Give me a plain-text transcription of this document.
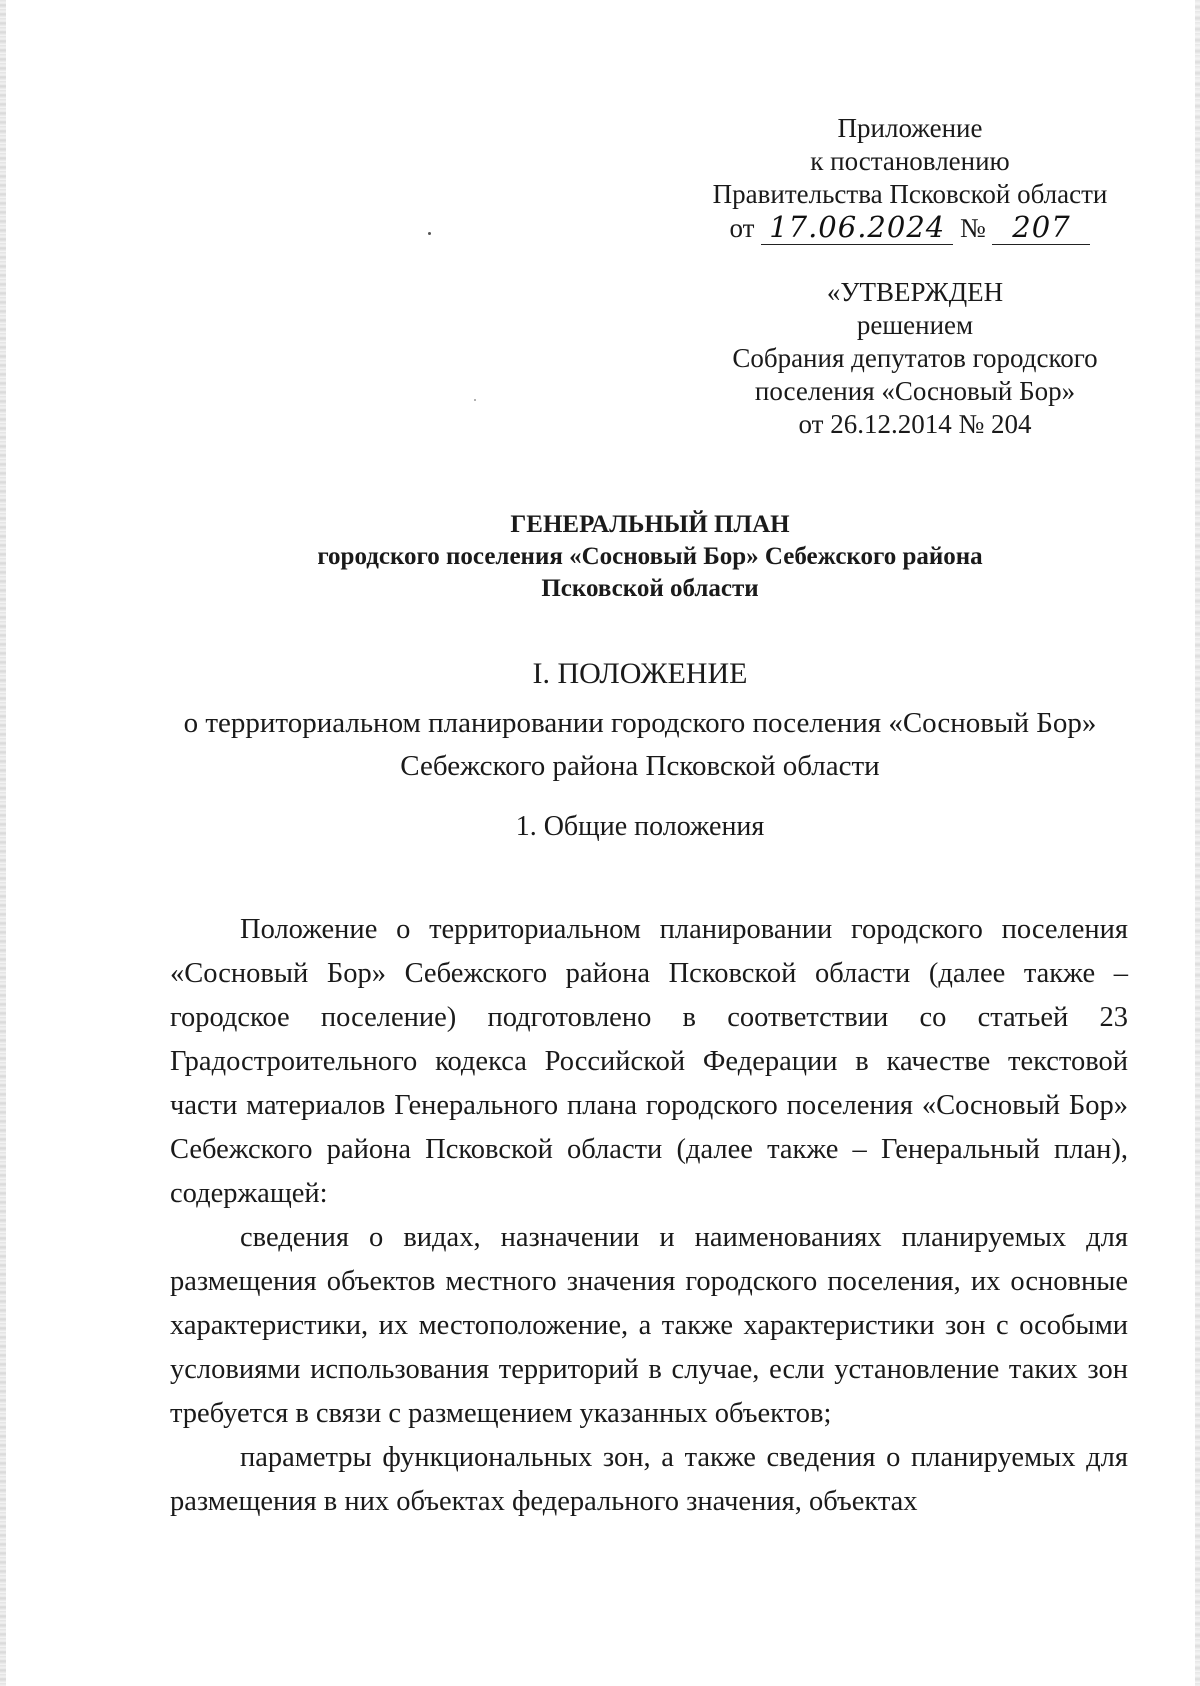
Приложение
к постановлению
Правительства Псковской области
от 17.06.2024 № 207
«УТВЕРЖДЕН
решением
Собрания депутатов городского
поселения «Сосновый Бор»
от 26.12.2014 № 204
ГЕНЕРАЛЬНЫЙ ПЛАН
городского поселения «Сосновый Бор» Себежского района
Псковской области
I. ПОЛОЖЕНИЕ
о территориальном планировании городского поселения «Сосновый Бор»
Себежского района Псковской области
1. Общие положения

Положение о территориальном планировании городского поселения «Сосновый Бор» Себежского района Псковской области (далее также – городское поселение) подготовлено в соответствии со статьей 23 Градостроительного кодекса Российской Федерации в качестве текстовой части материалов Генерального плана городского поселения «Сосновый Бор» Себежского района Псковской области (далее также – Генеральный план), содержащей:

сведения о видах, назначении и наименованиях планируемых для размещения объектов местного значения городского поселения, их основные характеристики, их местоположение, а также характеристики зон с особыми условиями использования территорий в случае, если установление таких зон требуется в связи с размещением указанных объектов;

параметры функциональных зон, а также сведения о планируемых для размещения в них объектах федерального значения, объектах
